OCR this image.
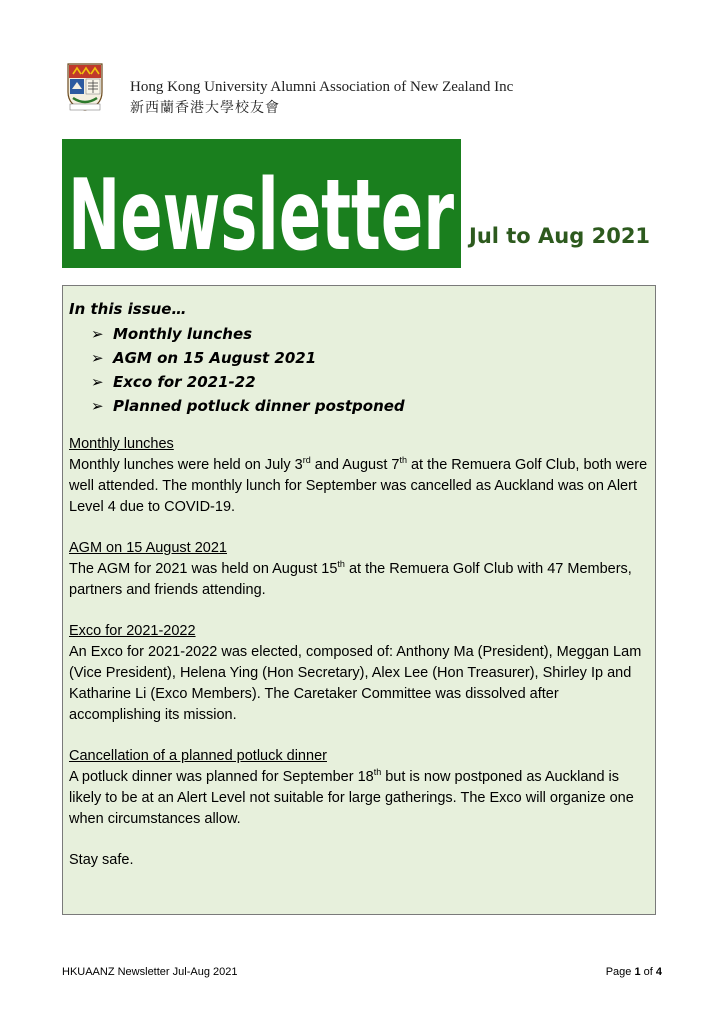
Hong Kong University Alumni Association of New Zealand Inc
新西蘭香港大學校友會
Newsletter Jul to Aug 2021
In this issue…
➢ Monthly lunches
➢ AGM on 15 August 2021
➢ Exco for 2021-22
➢ Planned potluck dinner postponed
Monthly lunches
Monthly lunches were held on July 3rd and August 7th at the Remuera Golf Club, both were well attended. The monthly lunch for September was cancelled as Auckland was on Alert Level 4 due to COVID-19.
AGM on 15 August 2021
The AGM for 2021 was held on August 15th at the Remuera Golf Club with 47 Members, partners and friends attending.
Exco for 2021-2022
An Exco for 2021-2022 was elected, composed of: Anthony Ma (President), Meggan Lam (Vice President), Helena Ying (Hon Secretary), Alex Lee (Hon Treasurer), Shirley Ip and Katharine Li (Exco Members). The Caretaker Committee was dissolved after accomplishing its mission.
Cancellation of a planned potluck dinner
A potluck dinner was planned for September 18th but is now postponed as Auckland is likely to be at an Alert Level not suitable for large gatherings. The Exco will organize one when circumstances allow.
Stay safe.
HKUAANZ Newsletter Jul-Aug 2021	Page 1 of 4
